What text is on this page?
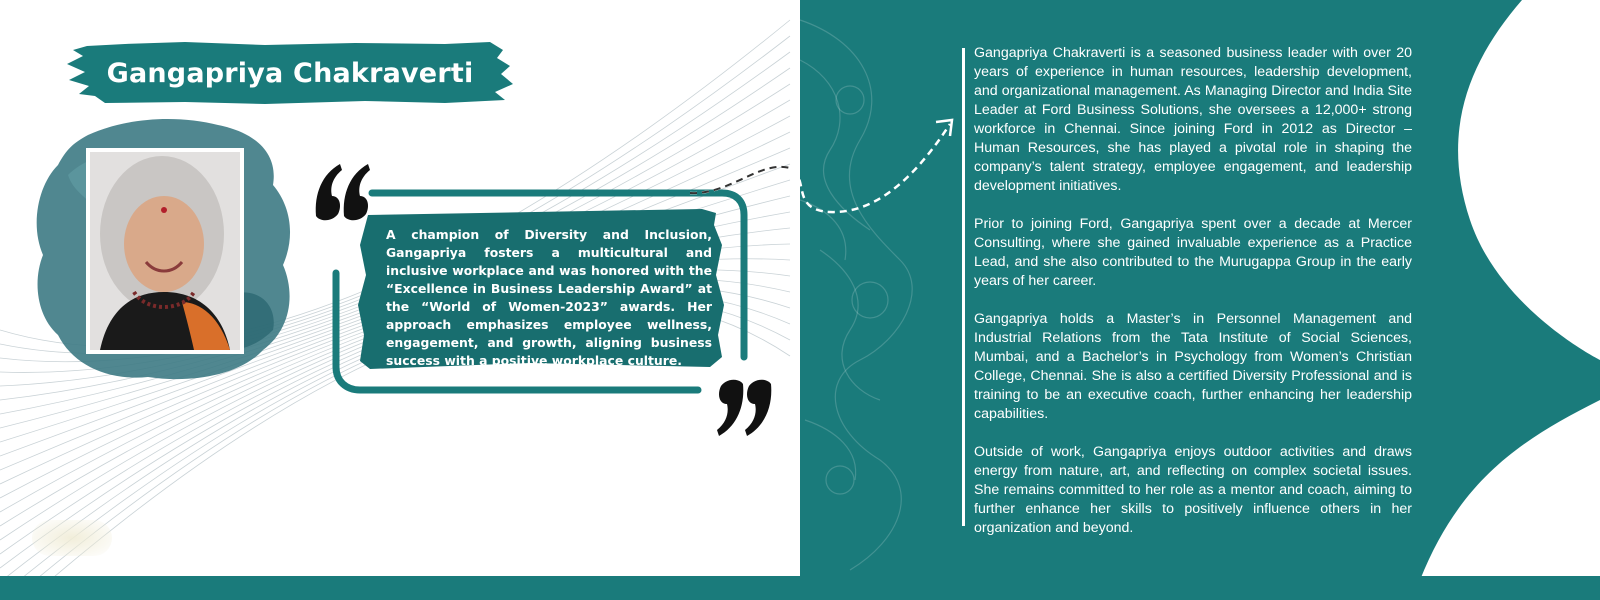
Gangapriya Chakraverti
A champion of Diversity and Inclusion, Gangapriya fosters a multicultural and inclusive workplace and was honored with the “Excellence in Business Leadership Award” at the “World of Women-2023” awards. Her approach emphasizes employee wellness, engagement, and growth, aligning business success with a positive workplace culture.

Gangapriya Chakraverti is a seasoned business leader with over 20 years of experience in human resources, leadership development, and organizational management. As Managing Director and India Site Leader at Ford Business Solutions, she oversees a 12,000+ strong workforce in Chennai. Since joining Ford in 2012 as Director – Human Resources, she has played a pivotal role in shaping the company’s talent strategy, employee engagement, and leadership development initiatives.

Prior to joining Ford, Gangapriya spent over a decade at Mercer Consulting, where she gained invaluable experience as a Practice Lead, and she also contributed to the Murugappa Group in the early years of her career.

Gangapriya holds a Master’s in Personnel Management and Industrial Relations from the Tata Institute of Social Sciences, Mumbai, and a Bachelor’s in Psychology from Women’s Christian College, Chennai. She is also a certified Diversity Professional and is training to be an executive coach, further enhancing her leadership capabilities.

Outside of work, Gangapriya enjoys outdoor activities and draws energy from nature, art, and reflecting on complex societal issues. She remains committed to her role as a mentor and coach, aiming to further enhance her skills to positively influence others in her organization and beyond.
